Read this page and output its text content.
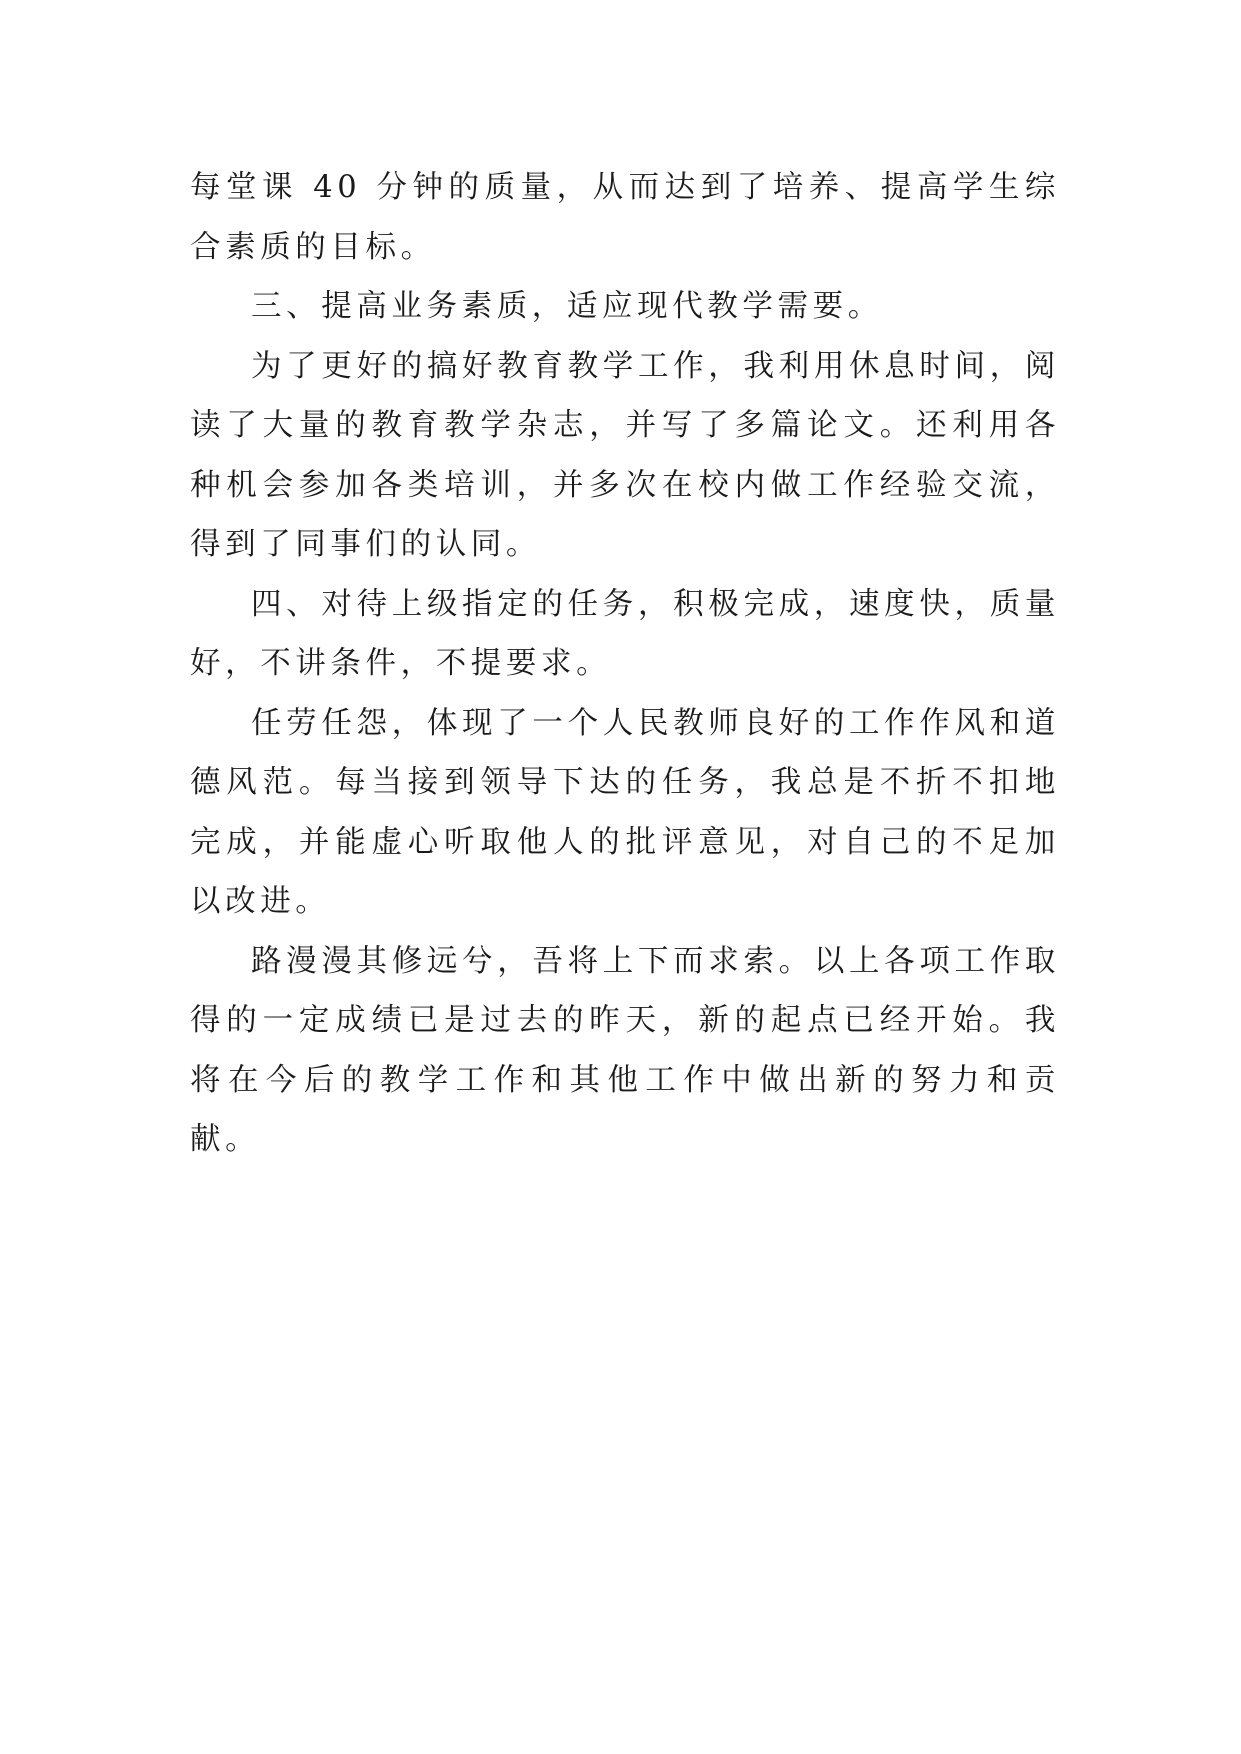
每堂课 40 分钟的质量，从而达到了培养、提高学生综合素质的目标。

三、提高业务素质，适应现代教学需要。

为了更好的搞好教育教学工作，我利用休息时间，阅读了大量的教育教学杂志，并写了多篇论文。还利用各种机会参加各类培训，并多次在校内做工作经验交流，得到了同事们的认同。

四、对待上级指定的任务，积极完成，速度快，质量好，不讲条件，不提要求。

任劳任怨，体现了一个人民教师良好的工作作风和道德风范。每当接到领导下达的任务，我总是不折不扣地完成，并能虚心听取他人的批评意见，对自己的不足加以改进。

路漫漫其修远兮，吾将上下而求索。以上各项工作取得的一定成绩已是过去的昨天，新的起点已经开始。我将在今后的教学工作和其他工作中做出新的努力和贡献。
